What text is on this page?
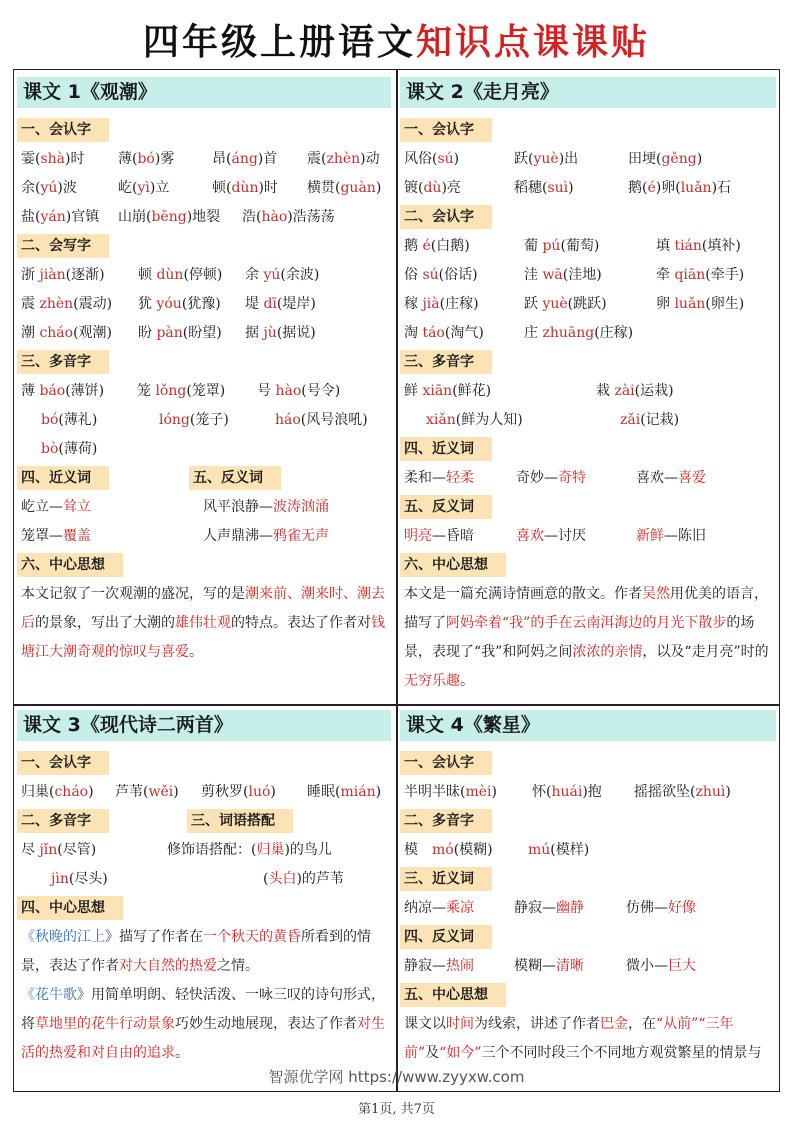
四年级上册语文知识点课课贴
课文 1《观潮》
一、会认字
霎(shà)时 薄(bó)雾	昂(áng)首 震(zhèn)动
余(yú)波	屹(yì)立	顿(dùn)时 横贯(guàn)
盐(yán)官镇 山崩(bēng)地裂 浩(hào)浩荡荡
二、会写字
浙 jiàn(逐渐) 顿 dùn(停顿) 余 yú(余波)
震 zhèn(震动) 犹 yóu(犹豫) 堤 dī(堤岸)
潮 cháo(观潮) 盼 pàn(盼望) 据 jù(据说)
三、多音字
薄 báo(薄饼) 笼 lǒng(笼罩) 号 hào(号令)
bó(薄礼)	lóng(笼子)	háo(风号浪吼)
bò(薄荷)
四、近义词	五、反义词
屹立—耸立	风平浪静—波涛汹涌
笼罩—覆盖	人声鼎沸—鸦雀无声
六、中心思想
本文记叙了一次观潮的盛况，写的是潮来前、潮来时、潮去后的景象，写出了大潮的雄伟壮观的特点。表达了作者对钱塘江大潮奇观的惊叹与喜爱。
课文 2《走月亮》
一、会认字
风俗(sú)	跃(yuè)出	田埂(gěng)
镀(dù)亮	稻穗(suì)	鹅(é)卵(luǎn)石
二、会认字
鹅 é(白鹅)	葡 pú(葡萄)	填 tián(填补)
俗 sú(俗话)	洼 wā(洼地)	牵 qiān(牵手)
稼 jià(庄稼)	跃 yuè(跳跃)	卵 luǎn(卵生)
淘 táo(淘气)	庄 zhuāng(庄稼)
三、多音字
鲜 xiān(鲜花)	栽 zài(运栽)
xiǎn(鲜为人知)	zǎi(记栽)
四、近义词
柔和—轻柔	奇妙—奇特	喜欢—喜爱
五、反义词
明亮—昏暗	喜欢—讨厌	新鲜—陈旧
六、中心思想
本文是一篇充满诗情画意的散文。作者吴然用优美的语言，描写了阿妈牵着“我”的手在云南洱海边的月光下散步的场景，表现了“我”和阿妈之间浓浓的亲情，以及“走月亮”时的无穷乐趣。
课文 3《现代诗二两首》
一、会认字
归巢(cháo) 芦苇(wěi) 剪秋罗(luó) 睡眠(mián)
二、多音字	三、词语搭配
尽 jǐn(尽管)	修饰语搭配：(归巢)的鸟儿
jìn(尽头)	(头白)的芦苇
四、中心思想
《秋晚的江上》描写了作者在一个秋天的黄昏所看到的情景，表达了作者对大自然的热爱之情。
《花牛歌》用简单明朗、轻快活泼、一咏三叹的诗句形式，将草地里的花牛行动景象巧妙生动地展现，表达了作者对生活的热爱和对自由的追求。
课文 4《繁星》
一、会认字
半明半昧(mèi)	怀(huái)抱 摇摇欲坠(zhuì)
二、多音字
模　mó(模糊)	mú(模样)
三、近义词
纳凉—乘凉	静寂—幽静	仿佛—好像
四、反义词
静寂—热闹	模糊—清晰	微小—巨大
五、中心思想
课文以时间为线索，讲述了作者巴金，在“从前”“三年前”及“如今”三个不同时段三个不同地方观赏繁星的情景与
智源优学网 https://www.zyyxw.com
第1页, 共7页
